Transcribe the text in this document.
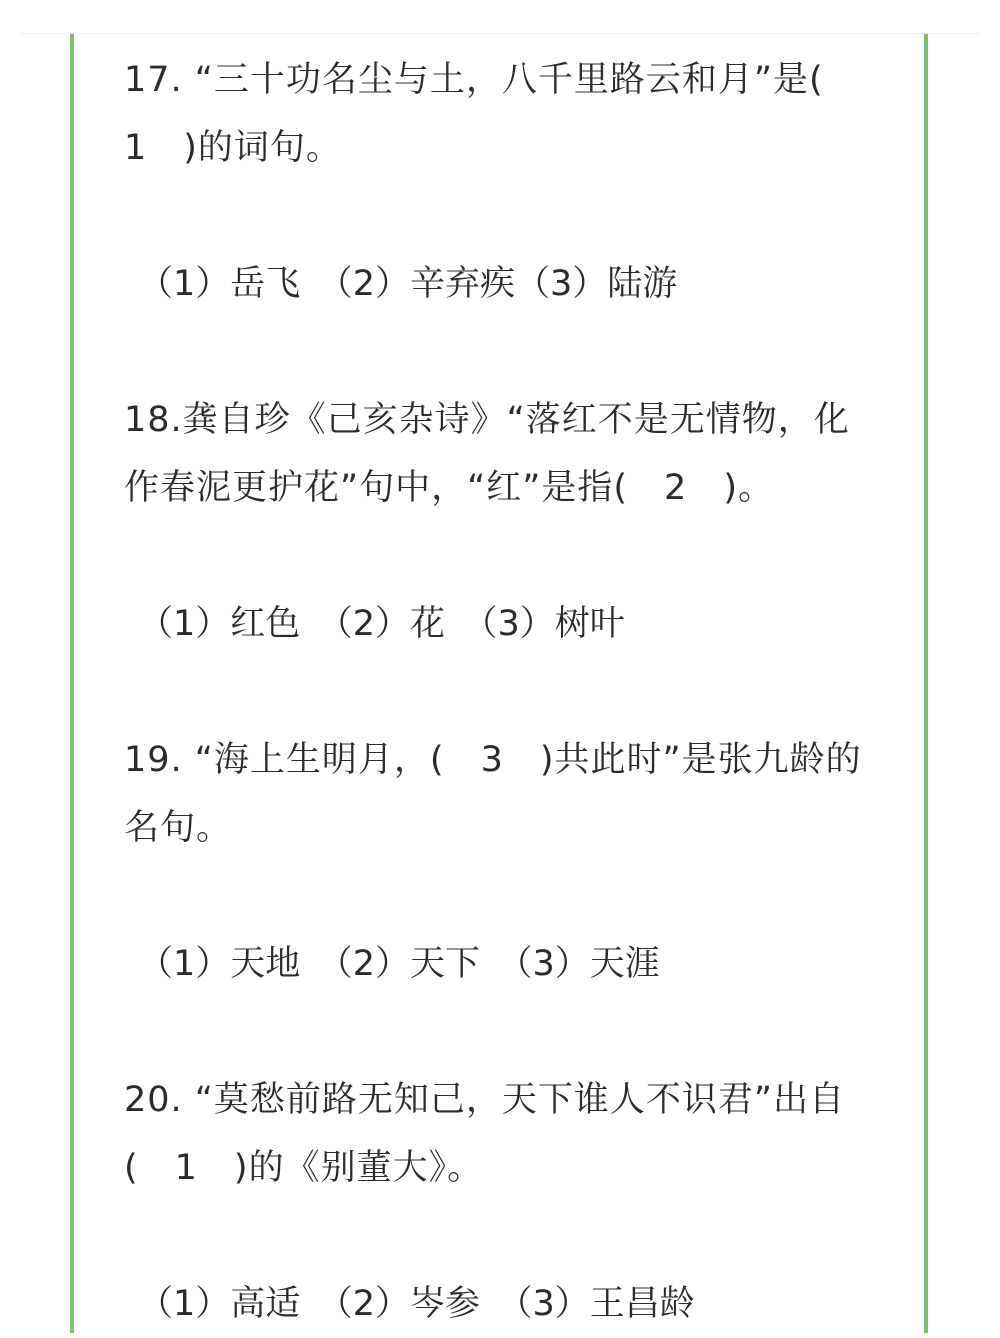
17. “三十功名尘与土，八千里路云和月”是(
1　)的词句。

（1）岳飞　（2）辛弃疾（3）陆游

18.龚自珍《己亥杂诗》“落红不是无情物，化
作春泥更护花”句中，“红”是指(　2　)。

（1）红色　（2）花　（3）树叶

19. “海上生明月，(　3　)共此时”是张九龄的
名句。

（1）天地　（2）天下　（3）天涯

20. “莫愁前路无知己，天下谁人不识君”出自
(　1　)的《别董大》。

（1）高适　（2）岑参　（3）王昌龄
